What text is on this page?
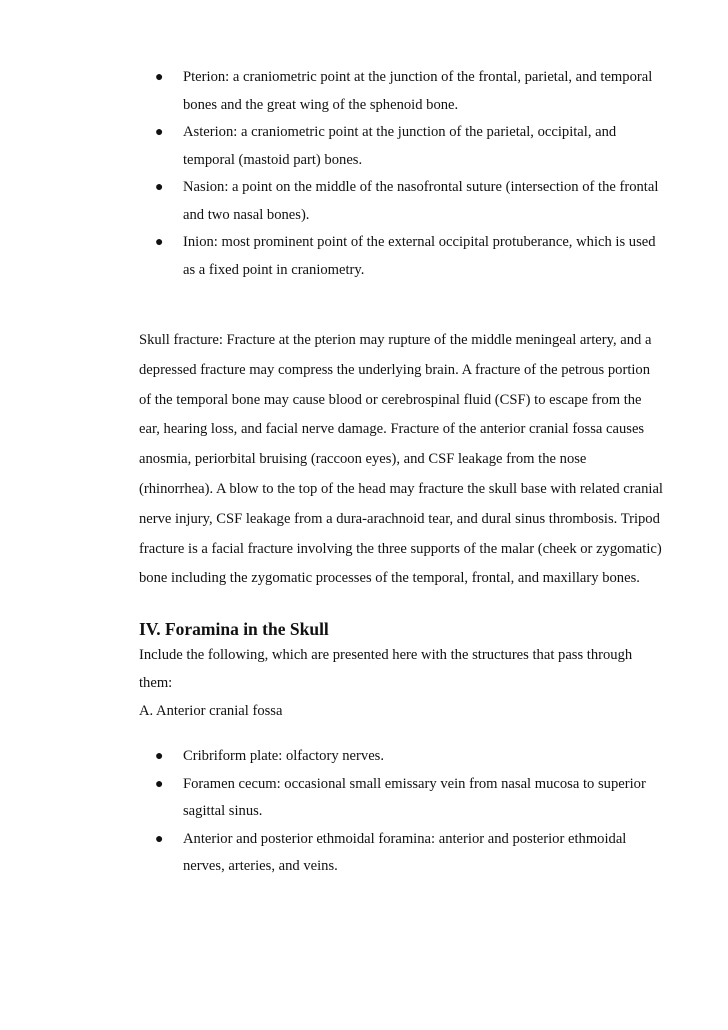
● Pterion: a craniometric point at the junction of the frontal, parietal, and temporal bones and the great wing of the sphenoid bone.
● Asterion: a craniometric point at the junction of the parietal, occipital, and temporal (mastoid part) bones.
● Nasion: a point on the middle of the nasofrontal suture (intersection of the frontal and two nasal bones).
● Inion: most prominent point of the external occipital protuberance, which is used as a fixed point in craniometry.

Skull fracture: Fracture at the pterion may rupture of the middle meningeal artery, and a depressed fracture may compress the underlying brain. A fracture of the petrous portion of the temporal bone may cause blood or cerebrospinal fluid (CSF) to escape from the ear, hearing loss, and facial nerve damage. Fracture of the anterior cranial fossa causes anosmia, periorbital bruising (raccoon eyes), and CSF leakage from the nose (rhinorrhea). A blow to the top of the head may fracture the skull base with related cranial nerve injury, CSF leakage from a dura-arachnoid tear, and dural sinus thrombosis. Tripod fracture is a facial fracture involving the three supports of the malar (cheek or zygomatic) bone including the zygomatic processes of the temporal, frontal, and maxillary bones.

IV. Foramina in the Skull

Include the following, which are presented here with the structures that pass through them:

A. Anterior cranial fossa

● Cribriform plate: olfactory nerves.
● Foramen cecum: occasional small emissary vein from nasal mucosa to superior sagittal sinus.
● Anterior and posterior ethmoidal foramina: anterior and posterior ethmoidal nerves, arteries, and veins.
